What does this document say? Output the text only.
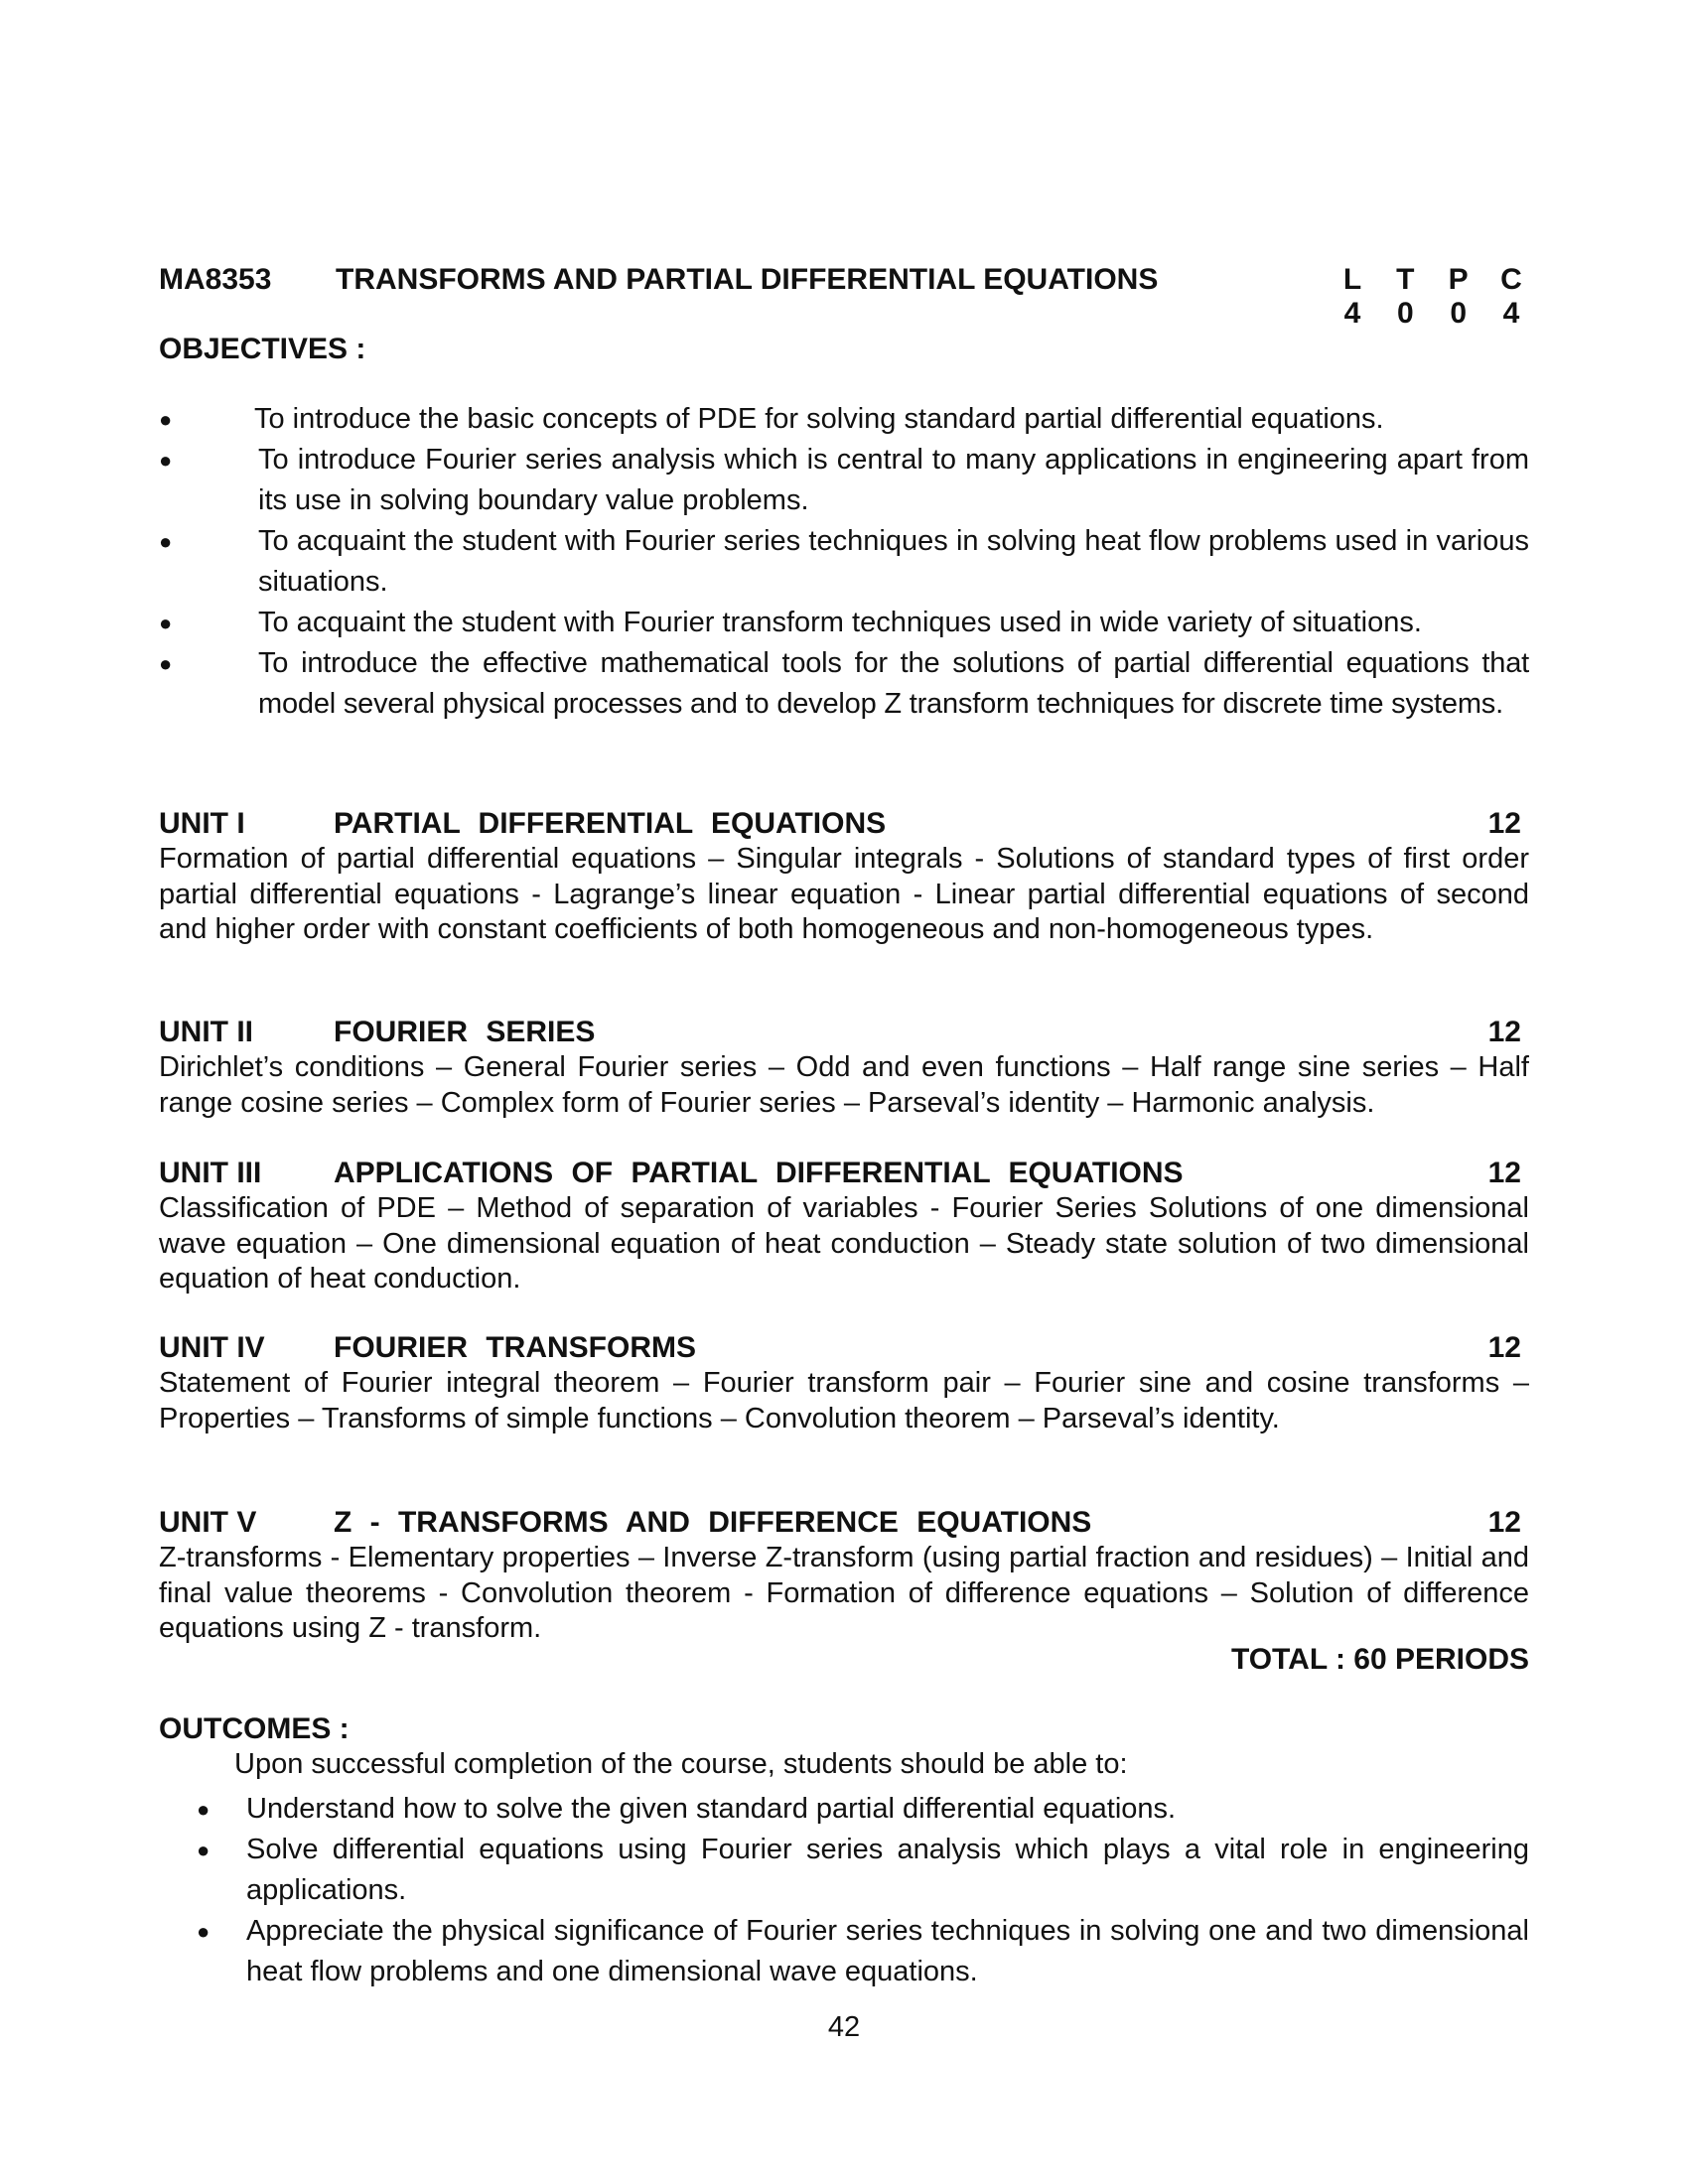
MA8353 TRANSFORMS AND PARTIAL DIFFERENTIAL EQUATIONS	L T P C
4 0 0 4
OBJECTIVES :
●	To introduce the basic concepts of PDE for solving standard partial differential equations.
●	To introduce Fourier series analysis which is central to many applications in engineering apart from its use in solving boundary value problems.
●	To acquaint the student with Fourier series techniques in solving heat flow problems used in various situations.
●	To acquaint the student with Fourier transform techniques used in wide variety of situations.
●	To introduce the effective mathematical tools for the solutions of partial differential equations that model several physical processes and to develop Z transform techniques for discrete time systems.
UNIT I	PARTIAL DIFFERENTIAL EQUATIONS	12

Formation of partial differential equations – Singular integrals - Solutions of standard types of first order partial differential equations - Lagrange’s linear equation - Linear partial differential equations of second and higher order with constant coefficients of both homogeneous and non-homogeneous types.

UNIT II	FOURIER SERIES	12

Dirichlet’s conditions – General Fourier series – Odd and even functions – Half range sine series – Half range cosine series – Complex form of Fourier series – Parseval’s identity – Harmonic analysis.

UNIT III	APPLICATIONS OF PARTIAL DIFFERENTIAL EQUATIONS	12

Classification of PDE – Method of separation of variables - Fourier Series Solutions of one dimensional wave equation – One dimensional equation of heat conduction – Steady state solution of two dimensional equation of heat conduction.

UNIT IV	FOURIER TRANSFORMS	12

Statement of Fourier integral theorem – Fourier transform pair – Fourier sine and cosine transforms – Properties – Transforms of simple functions – Convolution theorem – Parseval’s identity.

UNIT V	Z - TRANSFORMS AND DIFFERENCE EQUATIONS	12

Z-transforms - Elementary properties – Inverse Z-transform (using partial fraction and residues) – Initial and final value theorems - Convolution theorem - Formation of difference equations – Solution of difference equations using Z - transform.

TOTAL : 60 PERIODS
OUTCOMES :
Upon successful completion of the course, students should be able to:
● Understand how to solve the given standard partial differential equations.
● Solve differential equations using Fourier series analysis which plays a vital role in engineering applications.
● Appreciate the physical significance of Fourier series techniques in solving one and two dimensional heat flow problems and one dimensional wave equations.
42
